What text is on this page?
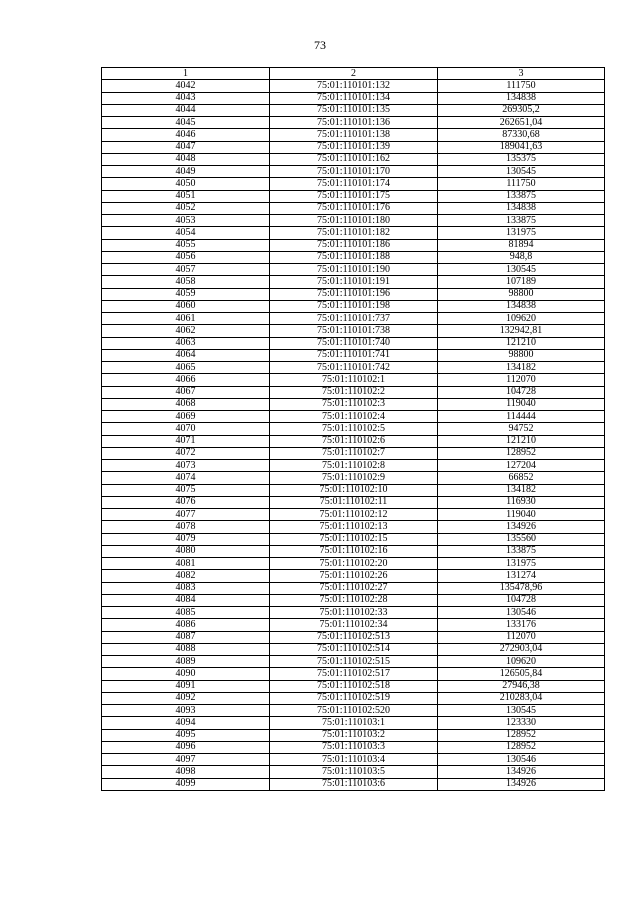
73
1	2	3
4042	75:01:110101:132	111750
4043	75:01:110101:134	134838
4044	75:01:110101:135	269305,2
4045	75:01:110101:136	262651,04
4046	75:01:110101:138	87330,68
4047	75:01:110101:139	189041,63
4048	75:01:110101:162	135375
4049	75:01:110101:170	130545
4050	75:01:110101:174	111750
4051	75:01:110101:175	133875
4052	75:01:110101:176	134838
4053	75:01:110101:180	133875
4054	75:01:110101:182	131975
4055	75:01:110101:186	81894
4056	75:01:110101:188	948,8
4057	75:01:110101:190	130545
4058	75:01:110101:191	107189
4059	75:01:110101:196	98800
4060	75:01:110101:198	134838
4061	75:01:110101:737	109620
4062	75:01:110101:738	132942,81
4063	75:01:110101:740	121210
4064	75:01:110101:741	98800
4065	75:01:110101:742	134182
4066	75:01:110102:1	112070
4067	75:01:110102:2	104728
4068	75:01:110102:3	119040
4069	75:01:110102:4	114444
4070	75:01:110102:5	94752
4071	75:01:110102:6	121210
4072	75:01:110102:7	128952
4073	75:01:110102:8	127204
4074	75:01:110102:9	66852
4075	75:01:110102:10	134182
4076	75:01:110102:11	116930
4077	75:01:110102:12	119040
4078	75:01:110102:13	134926
4079	75:01:110102:15	135560
4080	75:01:110102:16	133875
4081	75:01:110102:20	131975
4082	75:01:110102:26	131274
4083	75:01:110102:27	135478,96
4084	75:01:110102:28	104728
4085	75:01:110102:33	130546
4086	75:01:110102:34	133176
4087	75:01:110102:513	112070
4088	75:01:110102:514	272903,04
4089	75:01:110102:515	109620
4090	75:01:110102:517	126505,84
4091	75:01:110102:518	27946,38
4092	75:01:110102:519	210283,04
4093	75:01:110102:520	130545
4094	75:01:110103:1	123330
4095	75:01:110103:2	128952
4096	75:01:110103:3	128952
4097	75:01:110103:4	130546
4098	75:01:110103:5	134926
4099	75:01:110103:6	134926
